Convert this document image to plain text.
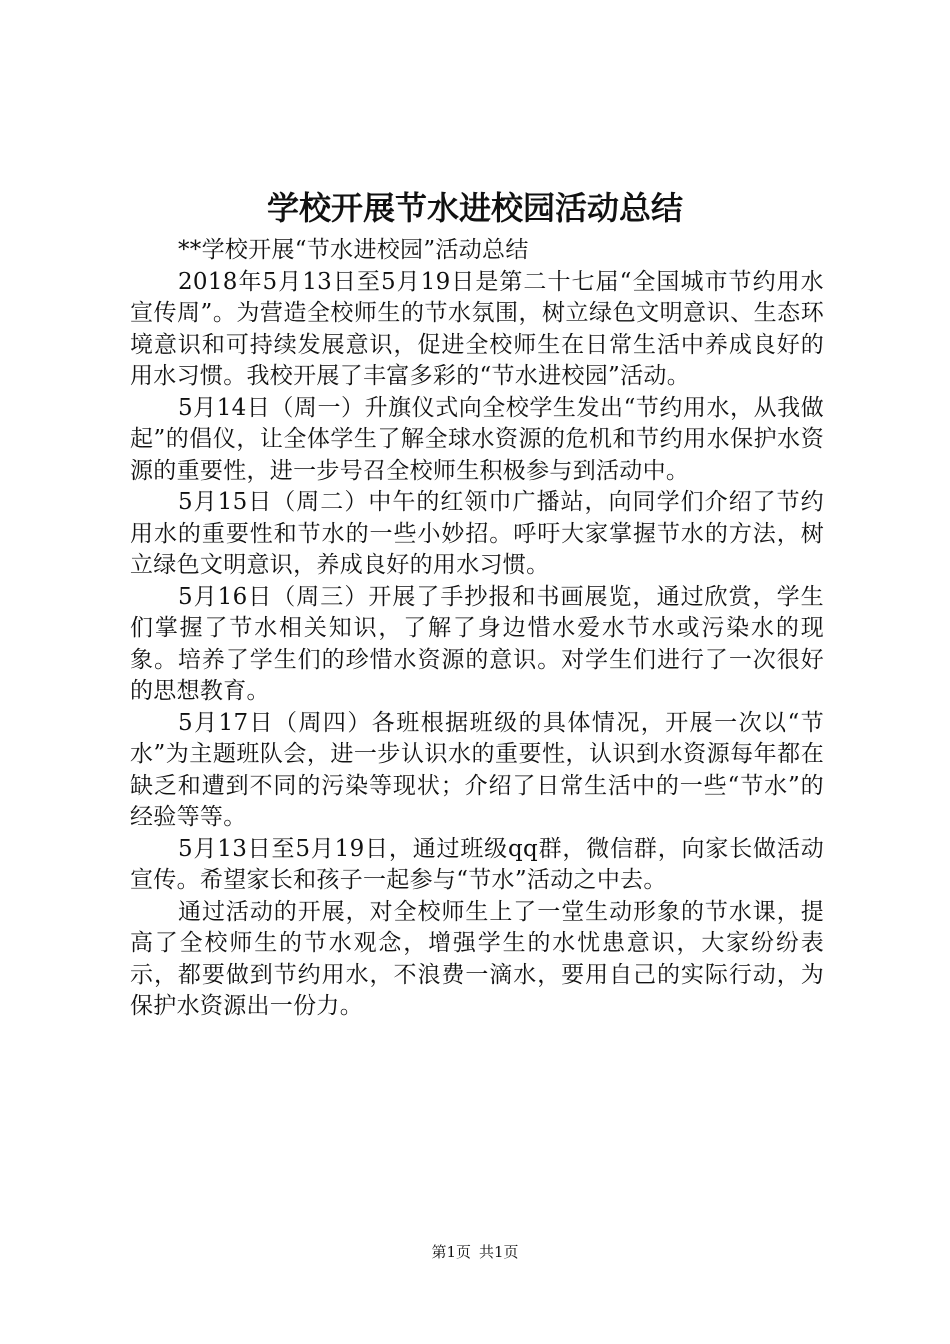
学校开展节水进校园活动总结

**学校开展“节水进校园”活动总结

2018年5月13日至5月19日是第二十七届“全国城市节约用水宣传周”。为营造全校师生的节水氛围，树立绿色文明意识、生态环境意识和可持续发展意识，促进全校师生在日常生活中养成良好的用水习惯。我校开展了丰富多彩的“节水进校园”活动。

5月14日（周一）升旗仪式向全校学生发出“节约用水，从我做起”的倡仪，让全体学生了解全球水资源的危机和节约用水保护水资源的重要性，进一步号召全校师生积极参与到活动中。

5月15日（周二）中午的红领巾广播站，向同学们介绍了节约用水的重要性和节水的一些小妙招。呼吁大家掌握节水的方法，树立绿色文明意识，养成良好的用水习惯。

5月16日（周三）开展了手抄报和书画展览，通过欣赏，学生们掌握了节水相关知识，了解了身边惜水爱水节水或污染水的现象。培养了学生们的珍惜水资源的意识。对学生们进行了一次很好的思想教育。

5月17日（周四）各班根据班级的具体情况，开展一次以“节水”为主题班队会，进一步认识水的重要性，认识到水资源每年都在缺乏和遭到不同的污染等现状；介绍了日常生活中的一些“节水”的经验等等。

5月13日至5月19日，通过班级qq群，微信群，向家长做活动宣传。希望家长和孩子一起参与“节水”活动之中去。

通过活动的开展，对全校师生上了一堂生动形象的节水课，提高了全校师生的节水观念，增强学生的水忧患意识，大家纷纷表示，都要做到节约用水，不浪费一滴水，要用自己的实际行动，为保护水资源出一份力。

第1页 共1页
